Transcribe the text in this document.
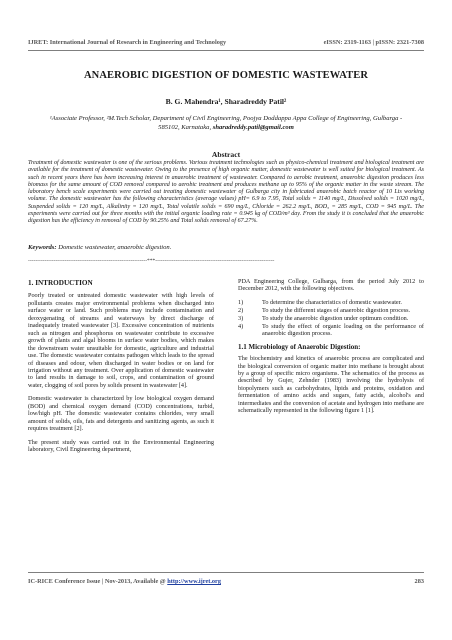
IJRET: International Journal of Research in Engineering and Technology	eISSN: 2319-1163 | pISSN: 2321-7308
ANAEROBIC DIGESTION OF DOMESTIC WASTEWATER
B. G. Mahendra¹, Sharadreddy Patil²
¹Associate Professor, ²M.Tech Scholar, Department of Civil Engineering, Poojya Doddappa Appa College of Engineering, Gulbarga - 585102, Karnataka, sharadreddy.patil@gmail.com
Abstract
Treatment of domestic wastewater is one of the serious problems. Various treatment technologies such as physico-chemical treatment and biological treatment are available for the treatment of domestic wastewater. Owing to the presence of high organic matter, domestic wastewater is well suited for biological treatment. As such in recent years there has been increasing interest in anaerobic treatment of wastewater. Compared to aerobic treatment, anaerobic digestion produces less biomass for the same amount of COD removal compared to aerobic treatment and produces methane up to 95% of the organic matter in the waste stream. The laboratory bench scale experiments were carried out treating domestic wastewater of Gulbarga city in fabricated anaerobic batch reactor of 10 Lts working volume. The domestic wastewater has the following characteristics (average values) pH= 6.9 to 7.95, Total solids = 1140 mg/L, Dissolved solids = 1020 mg/L, Suspended solids = 120 mg/L, Alkalinity = 120 mg/L, Total volatile solids = 690 mg/L, Chloride = 262.2 mg/L, BOD₅ = 285 mg/L, COD = 945 mg/L. The experiments were carried out for three months with the initial organic loading rate = 0.945 kg of COD/m³ day. From the study it is concluded that the anaerobic digestion has the efficiency in removal of COD by 90.25% and Total solids removal of 67.27%.
Keywords: Domestic wastewater, anaerobic digestion.
-----------------------------------------------------------------***-----------------------------------------------------------------
1. INTRODUCTION

Poorly treated or untreated domestic wastewater with high levels of pollutants creates major environmental problems when discharged into surface water or land. Such problems may include contamination and deoxygenating of streams and waterways by direct discharge of inadequately treated wastewater [3]. Excessive concentration of nutrients such as nitrogen and phosphorus on wastewater contribute to excessive growth of plants and algal blooms in surface water bodies, which makes the downstream water unsuitable for domestic, agriculture and industrial use. The domestic wastewater contains pathogen which leads to the spread of diseases and odour, when discharged in water bodies or on land for irrigation without any treatment. Over application of domestic wastewater to land results in damage to soil, crops, and contamination of ground water, clogging of soil pores by solids present in wastewater [4].

Domestic wastewater is characterized by low biological oxygen demand (BOD) and chemical oxygen demand (COD) concentrations, turbid, low/high pH. The domestic wastewater contains chlorides, very small amount of solids, oils, fats and detergents and sanitizing agents, as such it requires treatment [2].

The present study was carried out in the Environmental Engineering laboratory, Civil Engineering department,

PDA Engineering College, Gulbarga, from the period July 2012 to December 2012, with the following objectives.

1)	To determine the characteristics of domestic wastewater.
2)	To study the different stages of anaerobic digestion process.
3)	To study the anaerobic digestion under optimum condition.
4)	To study the effect of organic loading on the performance of anaerobic digestion process.
1.1 Microbiology of Anaerobic Digestion:

The biochemistry and kinetics of anaerobic process are complicated and the biological conversion of organic matter into methane is brought about by a group of specific micro organisms. The schematics of the process as described by Gujer, Zehnder (1983) involving the hydrolysis of biopolymers such as carbohydrates, lipids and proteins, oxidation and fermentation of amino acids and sugars, fatty acids, alcohol's and intermediates and the conversion of acetate and hydrogen into methane are schematically represented in the following figure 1 [1].

IC-RICE Conference Issue | Nov-2013, Available @ http://www.ijret.org	283
